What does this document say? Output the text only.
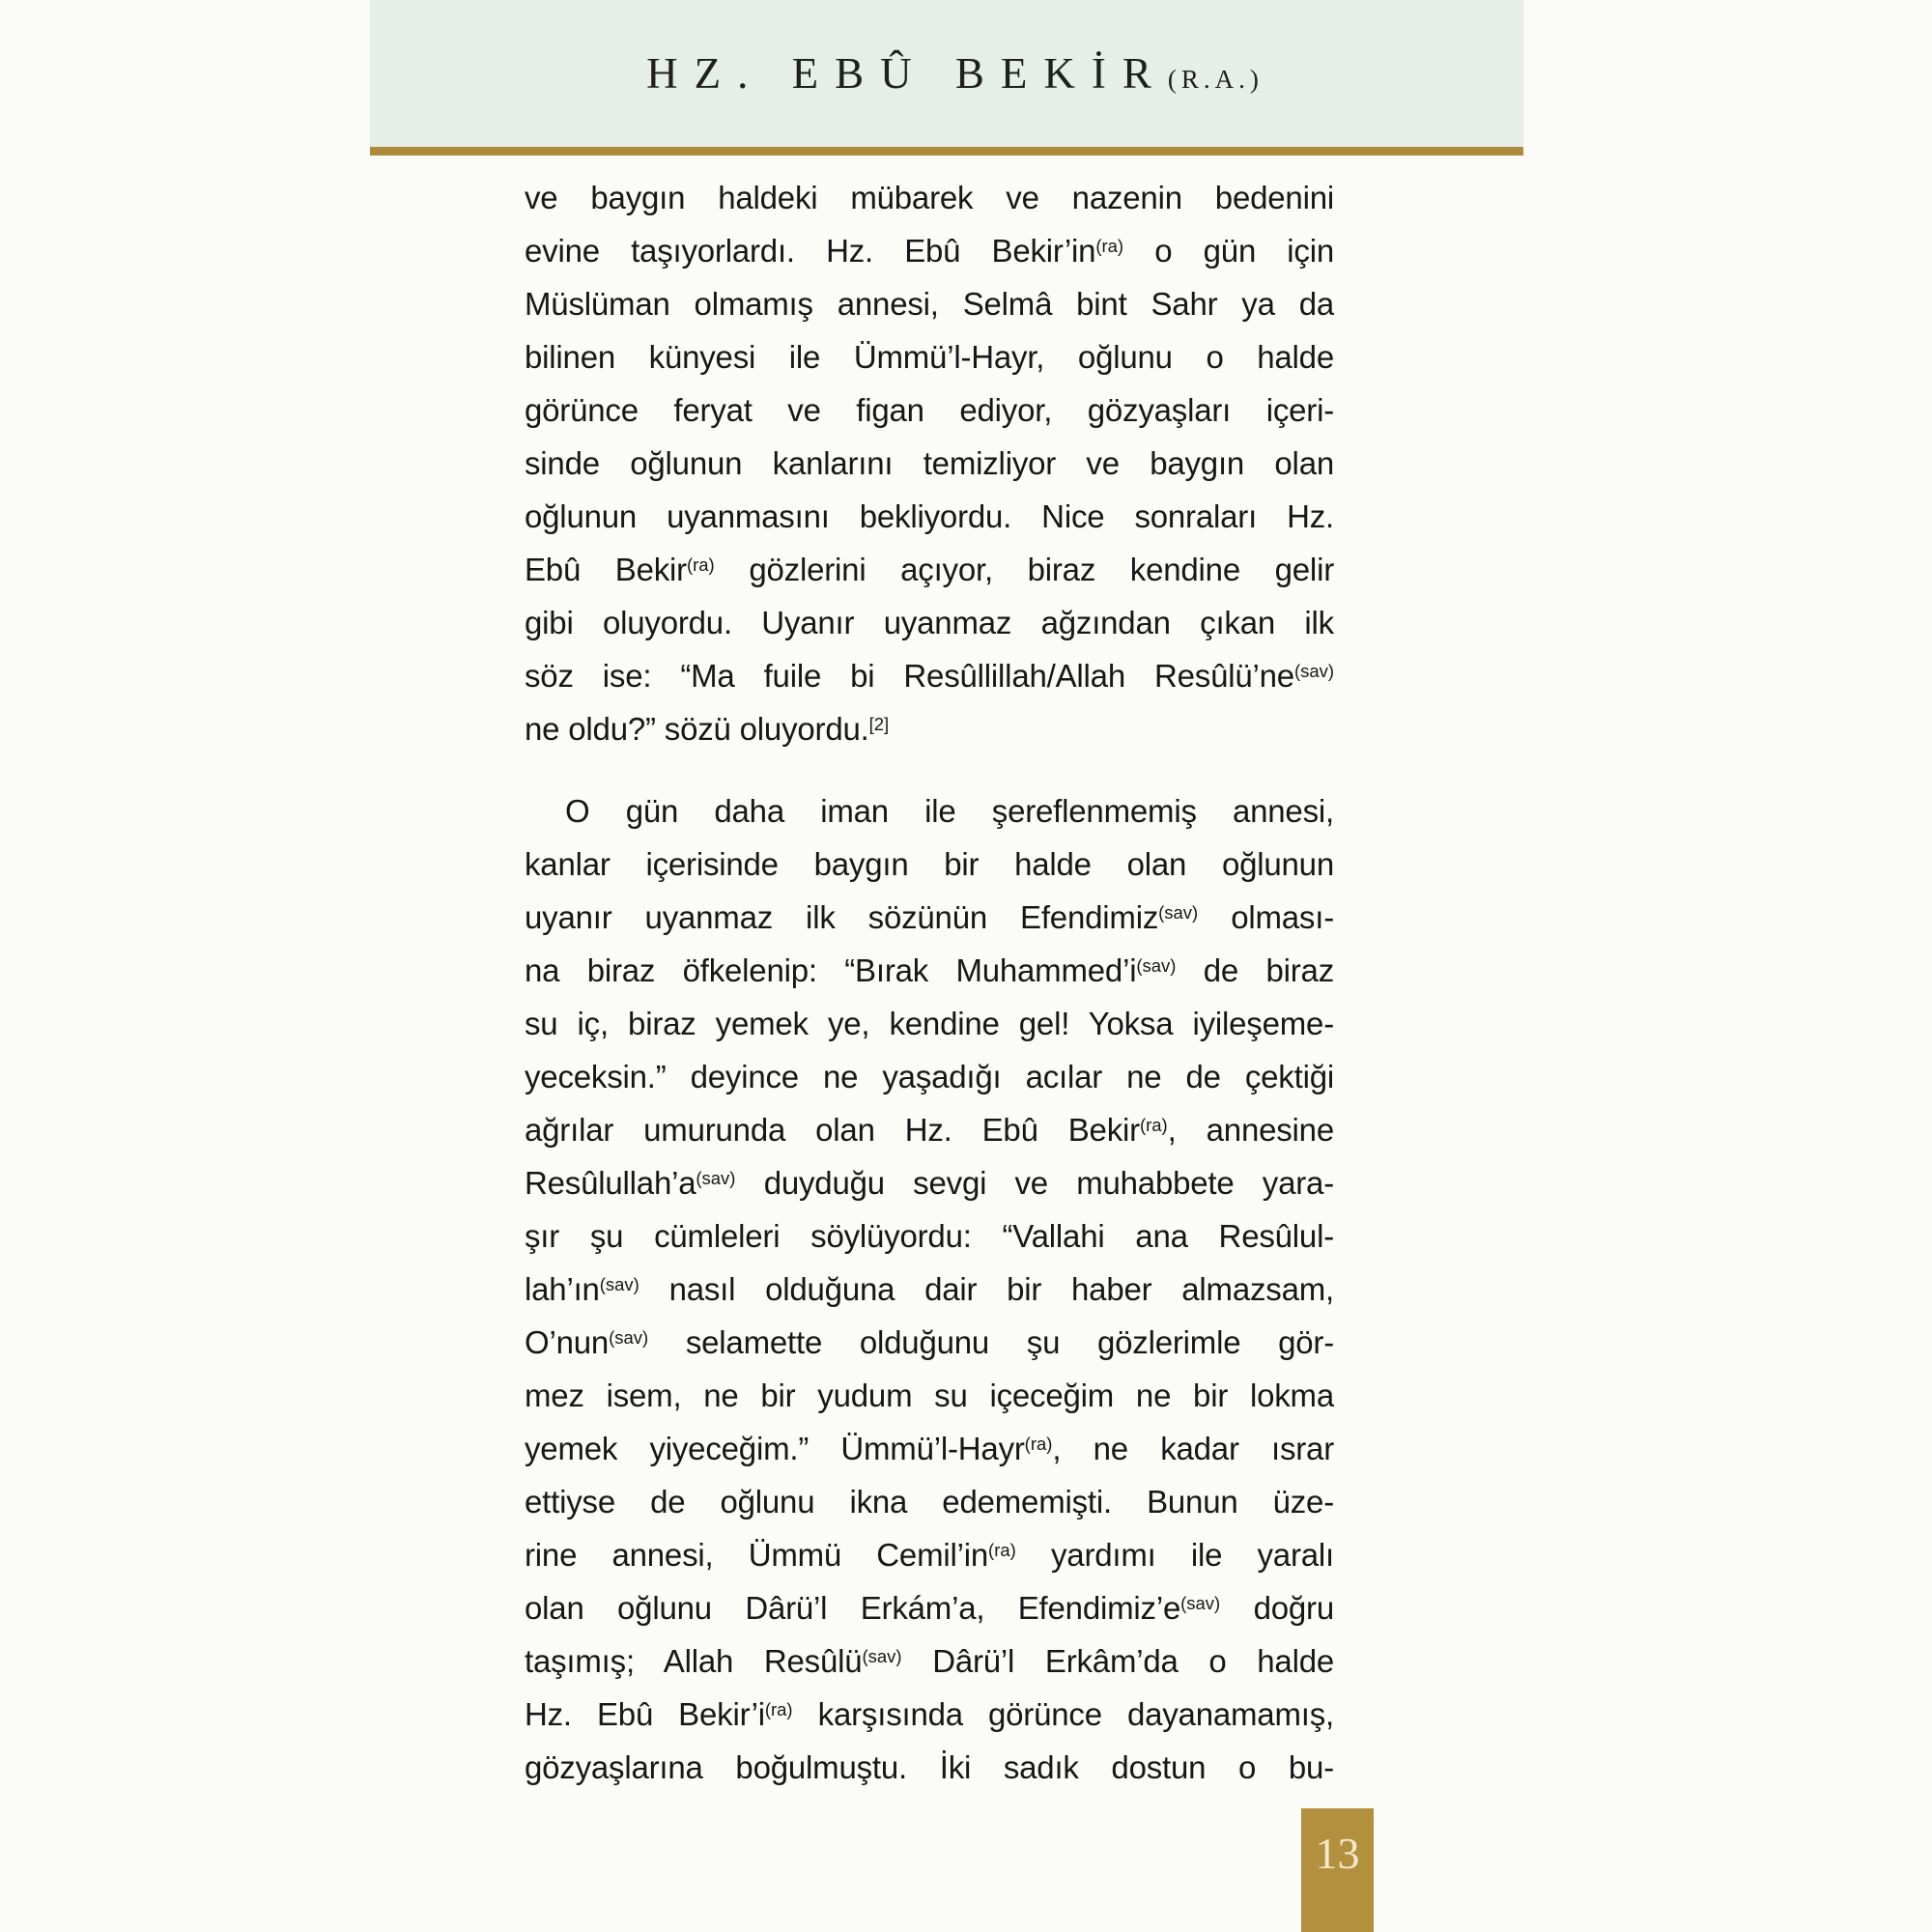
HZ. EBÛ BEKİR(R.A.)
ve baygın haldeki mübarek ve nazenin bedenini
evine taşıyorlardı. Hz. Ebû Bekir’in$^{(ra)}$ o gün için
Müslüman olmamış annesi, Selmâ bint Sahr ya da
bilinen künyesi ile Ümmü’l-Hayr, oğlunu o halde
görünce feryat ve figan ediyor, gözyaşları içeri-
sinde oğlunun kanlarını temizliyor ve baygın olan
oğlunun uyanmasını bekliyordu. Nice sonraları Hz.
Ebû Bekir$^{(ra)}$ gözlerini açıyor, biraz kendine gelir
gibi oluyordu. Uyanır uyanmaz ağzından çıkan ilk
söz ise: “Ma fuile bi Resûllillah/Allah Resûlü’ne$^{(sav)}$
ne oldu?” sözü oluyordu.[2]
O gün daha iman ile şereflenmemiş annesi,
kanlar içerisinde baygın bir halde olan oğlunun
uyanır uyanmaz ilk sözünün Efendimiz$^{(sav)}$ olması-
na biraz öfkelenip: “Bırak Muhammed’i$^{(sav)}$ de biraz
su iç, biraz yemek ye, kendine gel! Yoksa iyileşeme-
yeceksin.” deyince ne yaşadığı acılar ne de çektiği
ağrılar umurunda olan Hz. Ebû Bekir$^{(ra)}$, annesine
Resûlullah’a$^{(sav)}$ duyduğu sevgi ve muhabbete yara-
şır şu cümleleri söylüyordu: “Vallahi ana Resûlul-
lah’ın$^{(sav)}$ nasıl olduğuna dair bir haber almazsam,
O’nun$^{(sav)}$ selamette olduğunu şu gözlerimle gör-
mez isem, ne bir yudum su içeceğim ne bir lokma
yemek yiyeceğim.” Ümmü’l-Hayr$^{(ra)}$, ne kadar ısrar
ettiyse de oğlunu ikna edememişti. Bunun üze-
rine annesi, Ümmü Cemil’in$^{(ra)}$ yardımı ile yaralı
olan oğlunu Dârü’l Erkám’a, Efendimiz’e$^{(sav)}$ doğru
taşımış; Allah Resûlü$^{(sav)}$ Dârü’l Erkâm’da o halde
Hz. Ebû Bekir’i$^{(ra)}$ karşısında görünce dayanamamış,
gözyaşlarına boğulmuştu. İki sadık dostun o bu-
13
